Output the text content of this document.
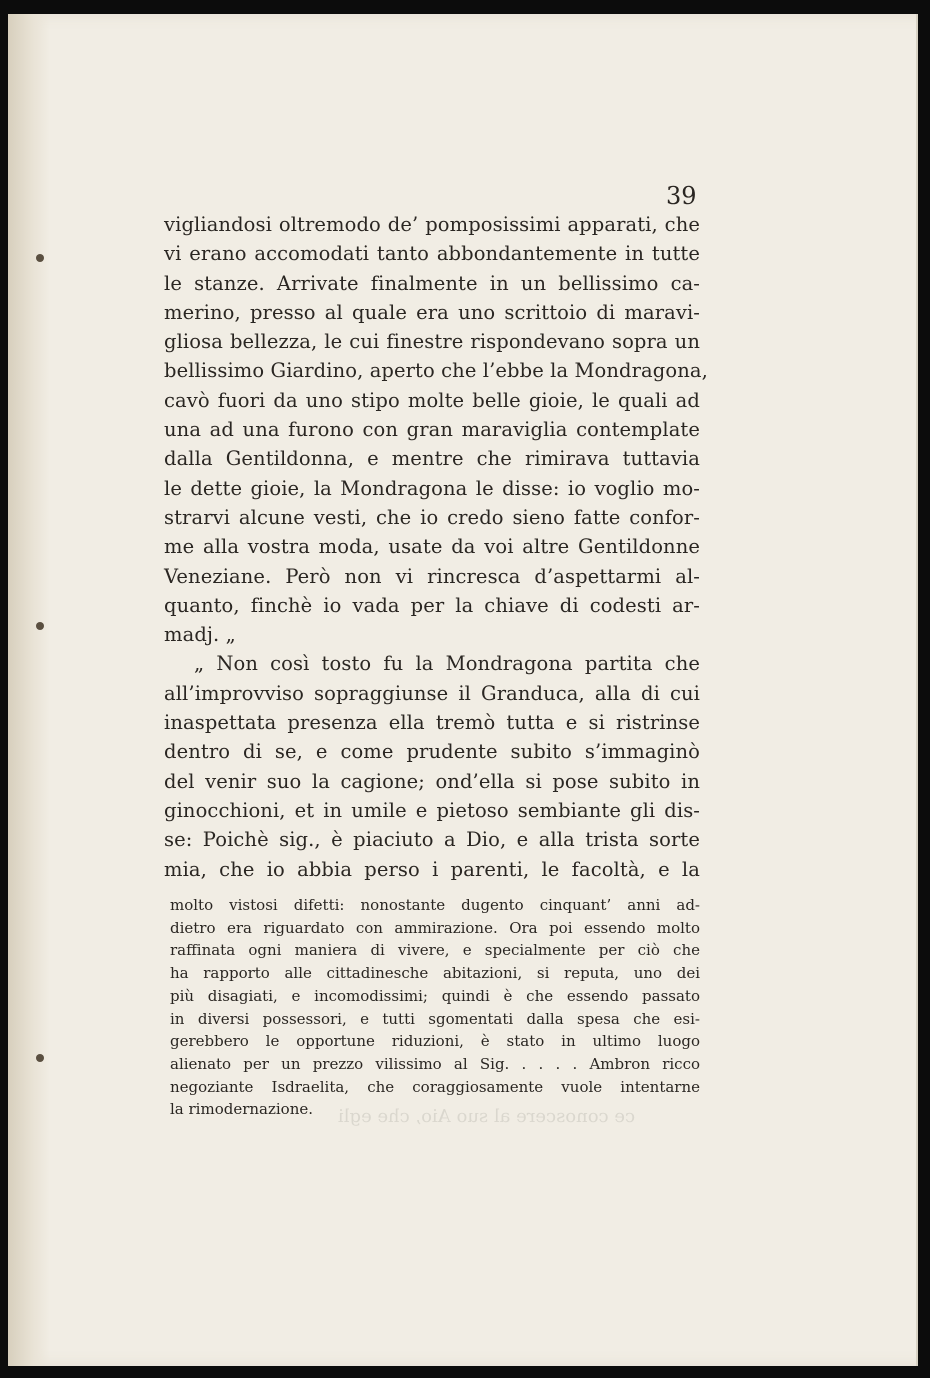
39
vigliandosi oltremodo de’ pomposissimi apparati, che
vi erano accomodati tanto abbondantemente in tutte
le stanze. Arrivate finalmente in un bellissimo ca-
merino, presso al quale era uno scrittoio di maravi-
gliosa bellezza, le cui finestre rispondevano sopra un
bellissimo Giardino, aperto che l’ebbe la Mondragona,
cavò fuori da uno stipo molte belle gioie, le quali ad
una ad una furono con gran maraviglia contemplate
dalla Gentildonna, e mentre che rimirava tuttavia
le dette gioie, la Mondragona le disse: io voglio mo-
strarvi alcune vesti, che io credo sieno fatte confor-
me alla vostra moda, usate da voi altre Gentildonne
Veneziane. Però non vi rincresca d’aspettarmi al-
quanto, finchè io vada per la chiave di codesti ar-
madj. „
„ Non così tosto fu la Mondragona partita che
all’improvviso sopraggiunse il Granduca, alla di cui
inaspettata presenza ella tremò tutta e si ristrinse
dentro di se, e come prudente subito s’immaginò
del venir suo la cagione; ond’ella si pose subito in
ginocchioni, et in umile e pietoso sembiante gli dis-
se: Poichè sig., è piaciuto a Dio, e alla trista sorte
mia, che io abbia perso i parenti, le facoltà, e la
molto vistosi difetti: nonostante dugento cinquant’ anni ad-
dietro era riguardato con ammirazione. Ora poi essendo molto
raffinata ogni maniera di vivere, e specialmente per ciò che
ha rapporto alle cittadinesche abitazioni, si reputa, uno dei
più disagiati, e incomodissimi; quindi è che essendo passato
in diversi possessori, e tutti sgomentati dalla spesa che esi-
gerebbero le opportune riduzioni, è stato in ultimo luogo
alienato per un prezzo vilissimo al Sig. . . . . Ambron ricco
negoziante Isdraelita, che coraggiosamente vuole intentarne
la rimodernazione.	ce conoscere al suo Aio, che egli
